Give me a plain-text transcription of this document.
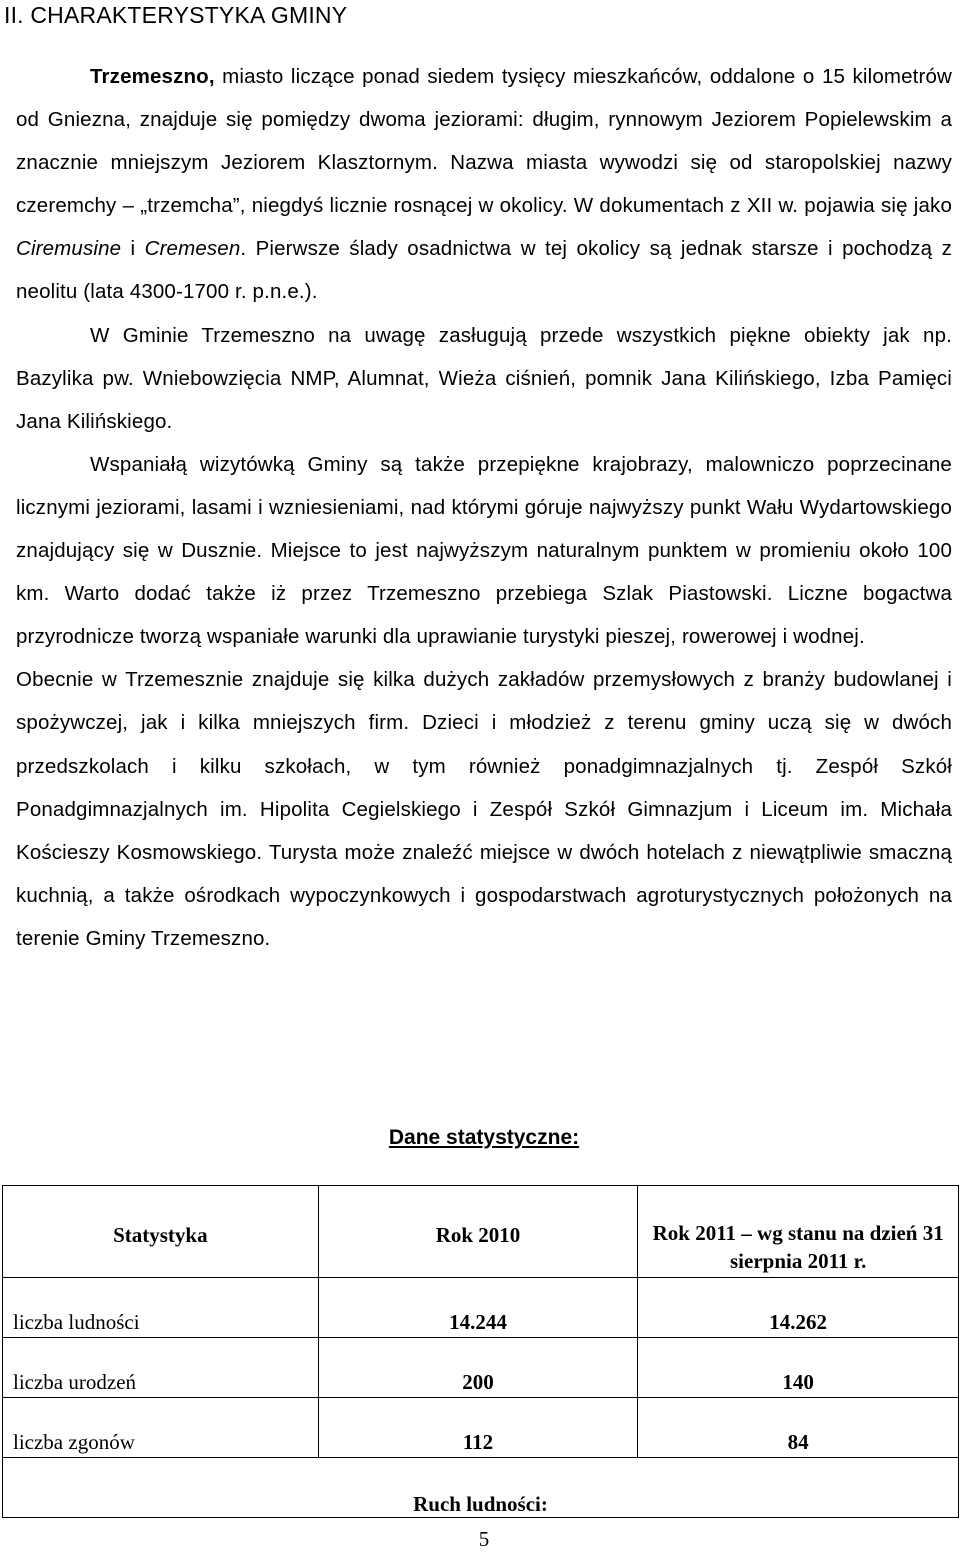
II. CHARAKTERYSTYKA GMINY

Trzemeszno, miasto liczące ponad siedem tysięcy mieszkańców, oddalone o 15 kilometrów od Gniezna, znajduje się pomiędzy dwoma jeziorami: długim, rynnowym Jeziorem Popielewskim a znacznie mniejszym Jeziorem Klasztornym. Nazwa miasta wywodzi się od staropolskiej nazwy czeremchy – „trzemcha”, niegdyś licznie rosnącej w okolicy. W dokumentach z XII w. pojawia się jako Ciremusine i Cremesen. Pierwsze ślady osadnictwa w tej okolicy są jednak starsze i pochodzą z neolitu (lata 4300-1700 r. p.n.e.).

W Gminie Trzemeszno na uwagę zasługują przede wszystkich piękne obiekty jak np. Bazylika pw. Wniebowzięcia NMP, Alumnat, Wieża ciśnień, pomnik Jana Kilińskiego, Izba Pamięci Jana Kilińskiego.

Wspaniałą wizytówką Gminy są także przepiękne krajobrazy, malowniczo poprzecinane licznymi jeziorami, lasami i wzniesieniami, nad którymi góruje najwyższy punkt Wału Wydartowskiego znajdujący się w Dusznie. Miejsce to jest najwyższym naturalnym punktem w promieniu około 100 km. Warto dodać także iż przez Trzemeszno przebiega Szlak Piastowski. Liczne bogactwa przyrodnicze tworzą wspaniałe warunki dla uprawianie turystyki pieszej, rowerowej i wodnej.

Obecnie w Trzemesznie znajduje się kilka dużych zakładów przemysłowych z branży budowlanej i spożywczej, jak i kilka mniejszych firm. Dzieci i młodzież z terenu gminy uczą się w dwóch przedszkolach i kilku szkołach, w tym również ponadgimnazjalnych tj. Zespół Szkół Ponadgimnazjalnych im. Hipolita Cegielskiego i Zespół Szkół Gimnazjum i Liceum im. Michała Kościeszy Kosmowskiego. Turysta może znaleźć miejsce w dwóch hotelach z niewątpliwie smaczną kuchnią, a także ośrodkach wypoczynkowych i gospodarstwach agroturystycznych położonych na terenie Gminy Trzemeszno.

Dane statystyczne:
Statystyka	Rok 2010	Rok 2011 – wg stanu na dzień 31 sierpnia 2011 r.
liczba ludności	14.244	14.262
liczba urodzeń	200	140
liczba zgonów	112	84
Ruch ludności:		
5
